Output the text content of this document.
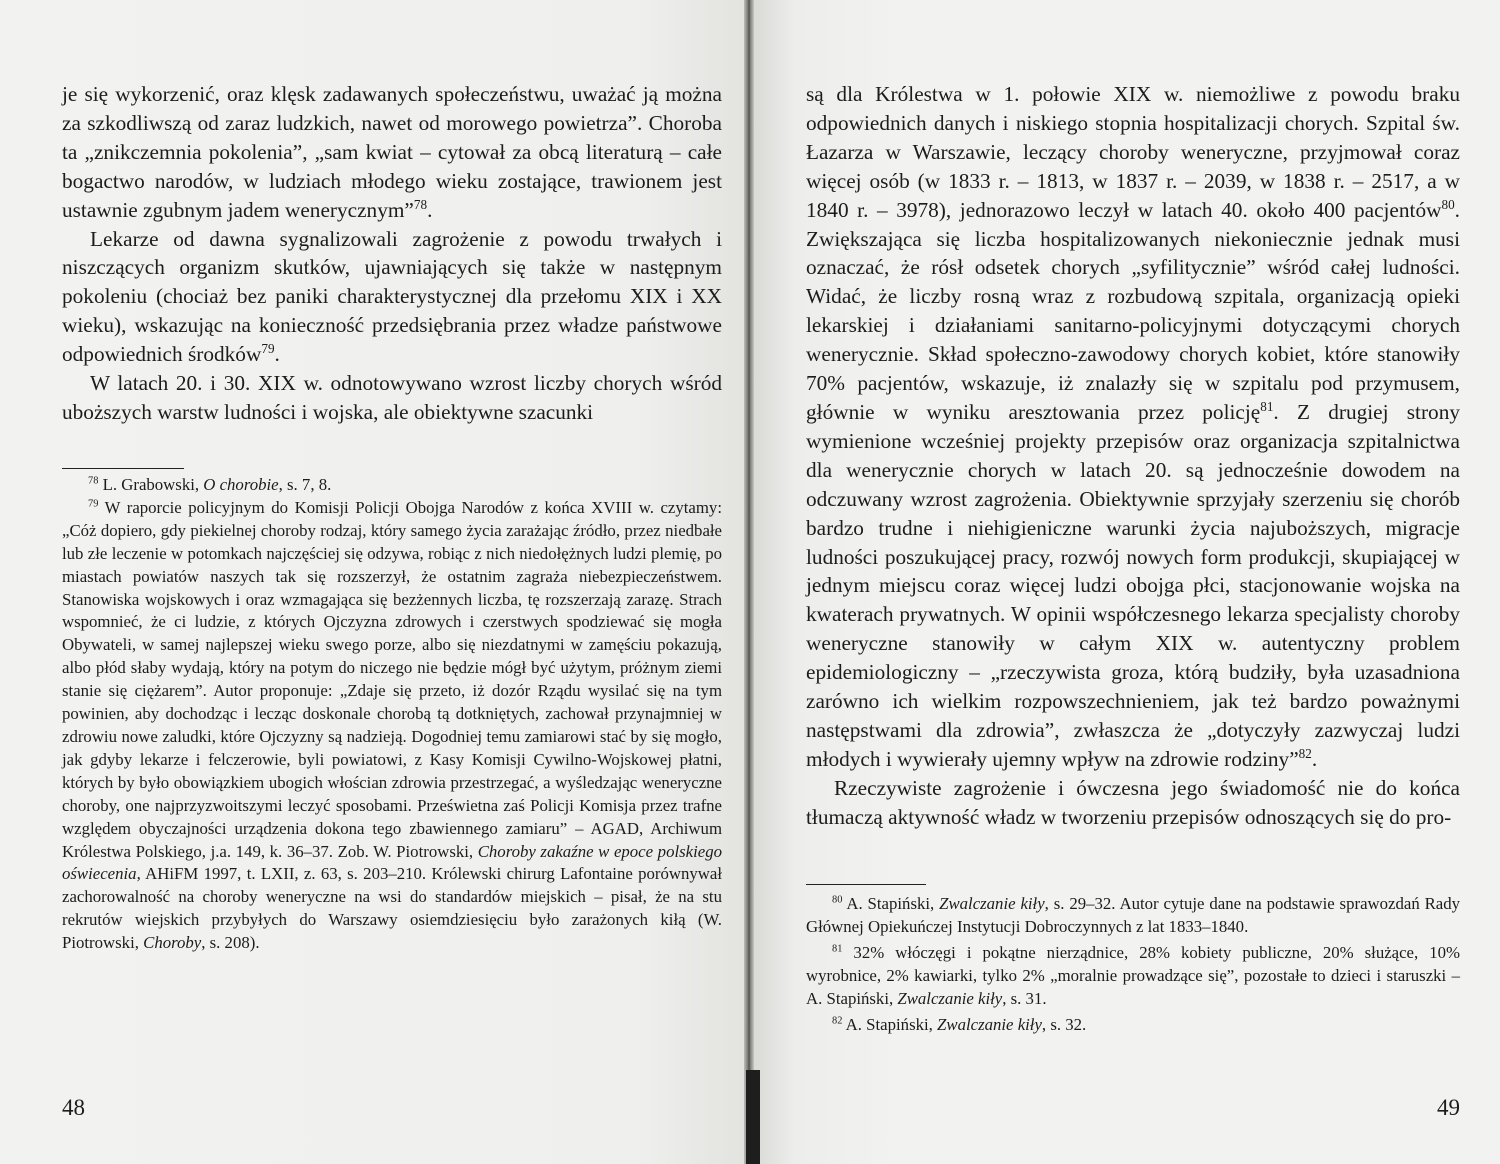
je się wykorzenić, oraz klęsk zadawanych społeczeństwu, uważać ją można za szkodliwszą od zaraz ludzkich, nawet od morowego powietrza”. Choroba ta „znikczemnia pokolenia”, „sam kwiat – cytował za obcą literaturą – całe bogactwo narodów, w ludziach młodego wieku zostające, trawionem jest ustawnie zgubnym jadem wenerycznym”$^{78}$.

Lekarze od dawna sygnalizowali zagrożenie z powodu trwałych i niszczących organizm skutków, ujawniających się także w następnym pokoleniu (chociaż bez paniki charakterystycznej dla przełomu XIX i XX wieku), wskazując na konieczność przedsiębrania przez władze państwowe odpowiednich środków$^{79}$.

W latach 20. i 30. XIX w. odnotowywano wzrost liczby chorych wśród uboższych warstw ludności i wojska, ale obiektywne szacunki

$^{78}$ L. Grabowski, O chorobie, s. 7, 8.

$^{79}$ W raporcie policyjnym do Komisji Policji Obojga Narodów z końca XVIII w. czytamy: „Cóż dopiero, gdy piekielnej choroby rodzaj, który samego życia zarażając źródło, przez niedbałe lub złe leczenie w potomkach najczęściej się odzywa, robiąc z nich niedołężnych ludzi plemię, po miastach powiatów naszych tak się rozszerzył, że ostatnim zagraża niebezpieczeństwem. Stanowiska wojskowych i oraz wzmagająca się bezżennych liczba, tę rozszerzają zarazę. Strach wspomnieć, że ci ludzie, z których Ojczyzna zdrowych i czerstwych spodziewać się mogła Obywateli, w samej najlepszej wieku swego porze, albo się niezdatnymi w zamęściu pokazują, albo płód słaby wydają, który na potym do niczego nie będzie mógł być użytym, próżnym ziemi stanie się ciężarem”. Autor proponuje: „Zdaje się przeto, iż dozór Rządu wysilać się na tym powinien, aby dochodząc i lecząc doskonale chorobą tą dotkniętych, zachował przynajmniej w zdrowiu nowe zaludki, które Ojczyzny są nadzieją. Dogodniej temu zamiarowi stać by się mogło, jak gdyby lekarze i felczerowie, byli powiatowi, z Kasy Komisji Cywilno-Wojskowej płatni, których by było obowiązkiem ubogich włościan zdrowia przestrzegać, a wyśledzając weneryczne choroby, one najprzyzwoitszymi leczyć sposobami. Prześwietna zaś Policji Komisja przez trafne względem obyczajności urządzenia dokona tego zbawiennego zamiaru” – AGAD, Archiwum Królestwa Polskiego, j.a. 149, k. 36–37. Zob. W. Piotrowski, Choroby zakaźne w epoce polskiego oświecenia, AHiFM 1997, t. LXII, z. 63, s. 203–210. Królewski chirurg Lafontaine porównywał zachorowalność na choroby weneryczne na wsi do standardów miejskich – pisał, że na stu rekrutów wiejskich przybyłych do Warszawy osiemdziesięciu było zarażonych kiłą (W. Piotrowski, Choroby, s. 208).

48

są dla Królestwa w 1. połowie XIX w. niemożliwe z powodu braku odpowiednich danych i niskiego stopnia hospitalizacji chorych. Szpital św. Łazarza w Warszawie, leczący choroby weneryczne, przyjmował coraz więcej osób (w 1833 r. – 1813, w 1837 r. – 2039, w 1838 r. – 2517, a w 1840 r. – 3978), jednorazowo leczył w latach 40. około 400 pacjentów$^{80}$. Zwiększająca się liczba hospitalizowanych niekoniecznie jednak musi oznaczać, że rósł odsetek chorych „syfilitycznie” wśród całej ludności. Widać, że liczby rosną wraz z rozbudową szpitala, organizacją opieki lekarskiej i działaniami sanitarno-policyjnymi dotyczącymi chorych wenerycznie. Skład społeczno-zawodowy chorych kobiet, które stanowiły 70% pacjentów, wskazuje, iż znalazły się w szpitalu pod przymusem, głównie w wyniku aresztowania przez policję$^{81}$. Z drugiej strony wymienione wcześniej projekty przepisów oraz organizacja szpitalnictwa dla wenerycznie chorych w latach 20. są jednocześnie dowodem na odczuwany wzrost zagrożenia. Obiektywnie sprzyjały szerzeniu się chorób bardzo trudne i niehigieniczne warunki życia najuboższych, migracje ludności poszukującej pracy, rozwój nowych form produkcji, skupiającej w jednym miejscu coraz więcej ludzi obojga płci, stacjonowanie wojska na kwaterach prywatnych. W opinii współczesnego lekarza specjalisty choroby weneryczne stanowiły w całym XIX w. autentyczny problem epidemiologiczny – „rzeczywista groza, którą budziły, była uzasadniona zarówno ich wielkim rozpowszechnieniem, jak też bardzo poważnymi następstwami dla zdrowia”, zwłaszcza że „dotyczyły zazwyczaj ludzi młodych i wywierały ujemny wpływ na zdrowie rodziny”$^{82}$.

Rzeczywiste zagrożenie i ówczesna jego świadomość nie do końca tłumaczą aktywność władz w tworzeniu przepisów odnoszących się do pro-

$^{80}$ A. Stapiński, Zwalczanie kiły, s. 29–32. Autor cytuje dane na podstawie sprawozdań Rady Głównej Opiekuńczej Instytucji Dobroczynnych z lat 1833–1840.

$^{81}$ 32% włóczęgi i pokątne nierządnice, 28% kobiety publiczne, 20% służące, 10% wyrobnice, 2% kawiarki, tylko 2% „moralnie prowadzące się”, pozostałe to dzieci i staruszki – A. Stapiński, Zwalczanie kiły, s. 31.

$^{82}$ A. Stapiński, Zwalczanie kiły, s. 32.

49
